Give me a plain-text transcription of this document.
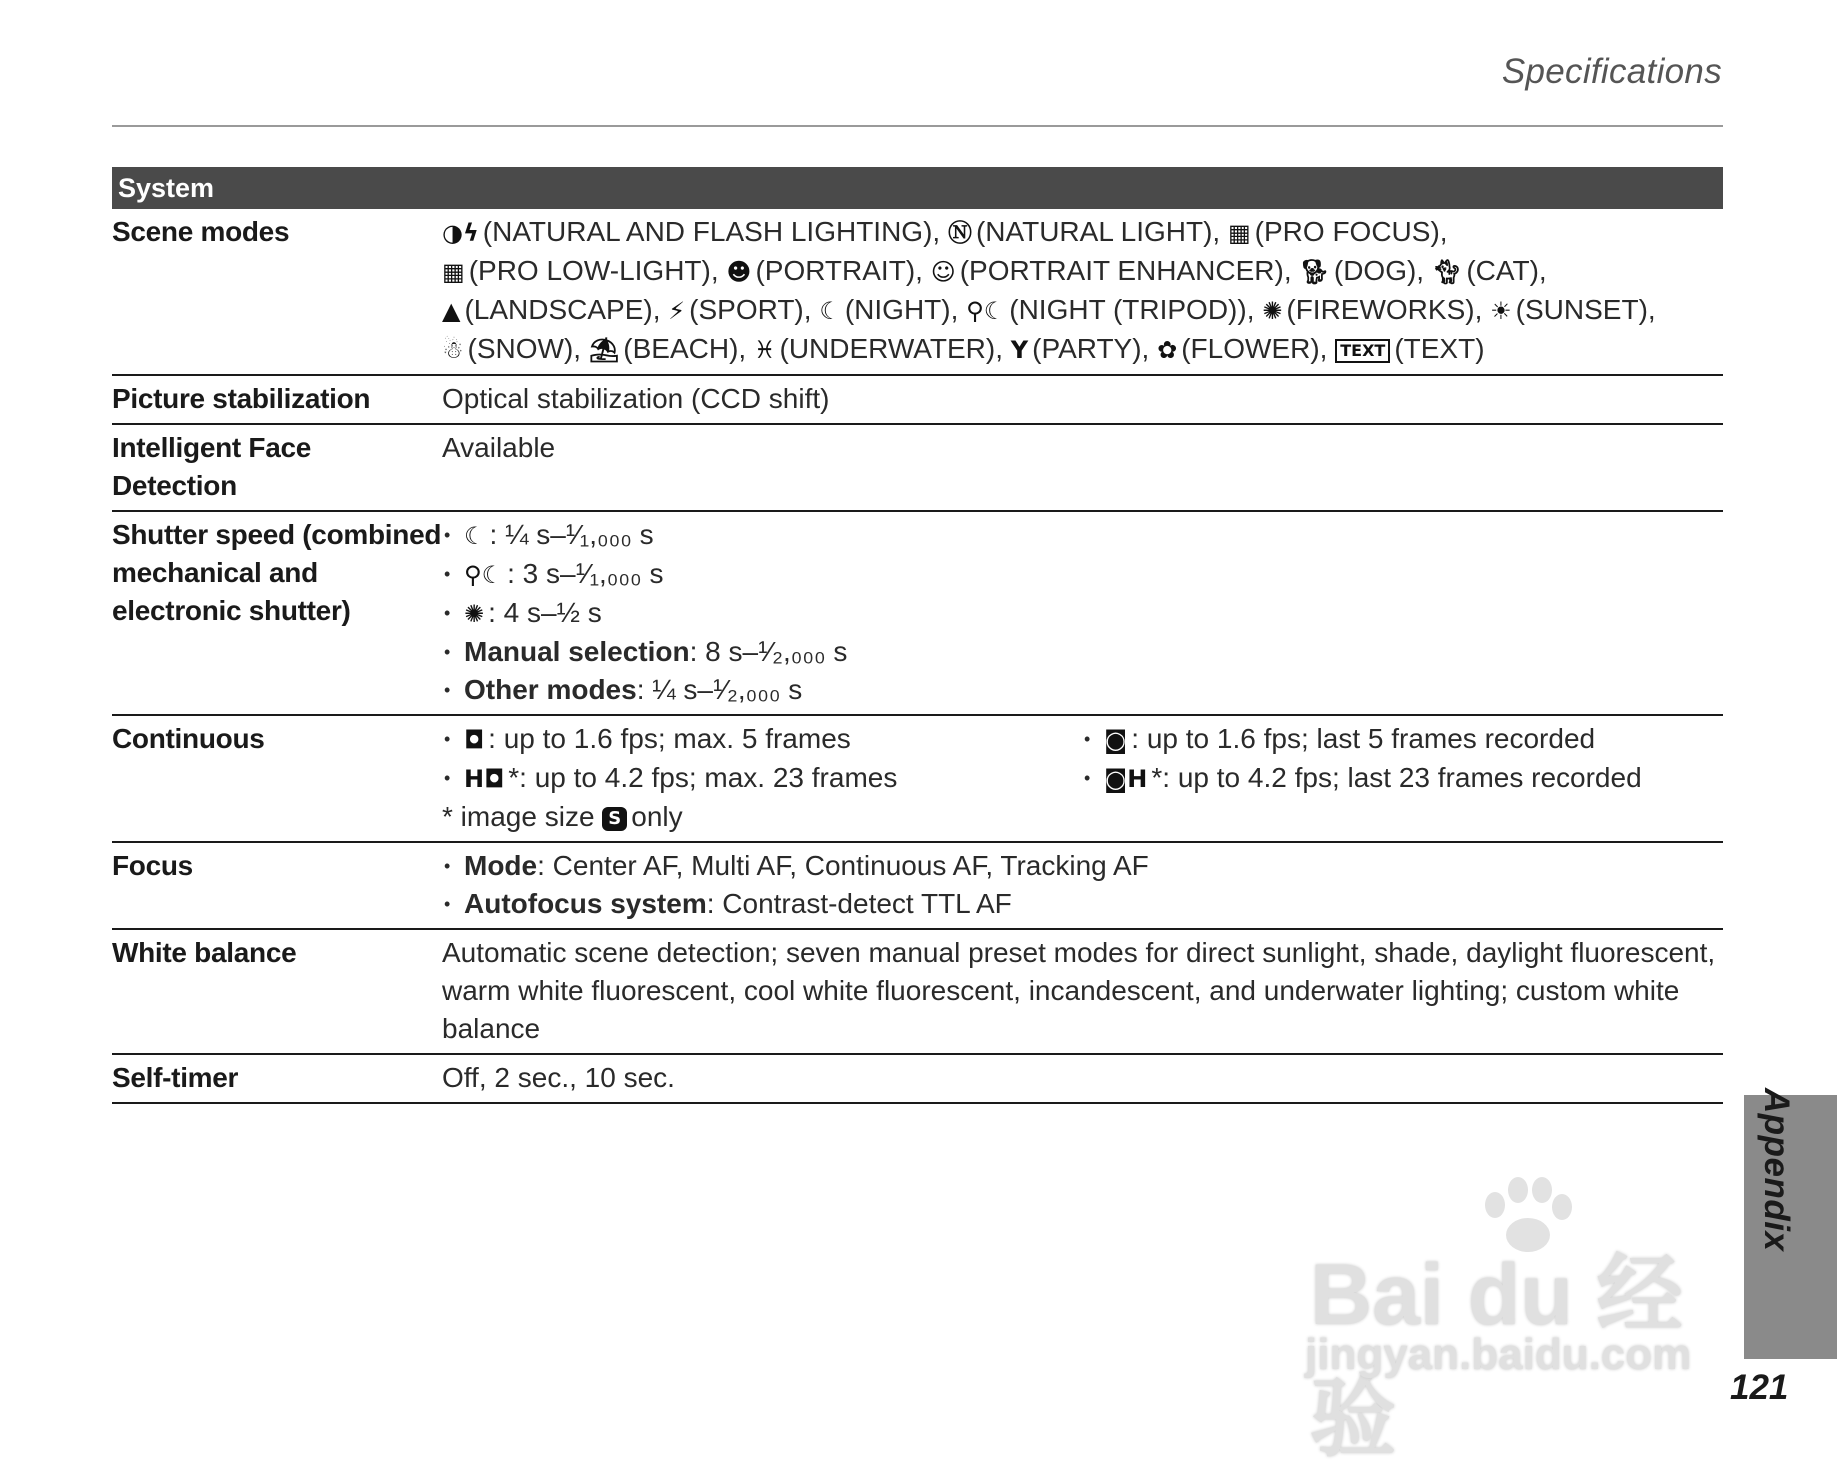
Specifications
System	
Scene modes	◑ϟ (NATURAL AND FLASH LIGHTING), Ⓝ (NATURAL LIGHT), ▦ (PRO FOCUS),
▦ (PRO LOW-LIGHT), ☻ (PORTRAIT), ☺ (PORTRAIT ENHANCER), 🐕︎ (DOG), 🐈︎ (CAT),
▲ (LANDSCAPE), ⚡︎ (SPORT), ☾ (NIGHT), ⚲☾ (NIGHT (TRIPOD)), ✺ (FIREWORKS), ☀ (SUNSET),
☃ (SNOW), ⛱ (BEACH), ♓︎ (UNDERWATER), Y (PARTY), ✿ (FLOWER), TEXT (TEXT)

Picture stabilization	Optical stabilization (CCD shift)
Intelligent Face Detection	Available
Shutter speed (combined mechanical and electronic shutter)	• ☾ : ¼ s–¹⁄₁,₀₀₀ s
• ⚲☾ : 3 s–¹⁄₁,₀₀₀ s
• ✺ : 4 s–½ s
• Manual selection: 8 s–¹⁄₂,₀₀₀ s
• Other modes: ¼ s–¹⁄₂,₀₀₀ s

Continuous	• ◘ : up to 1.6 fps; max. 5 frames
• H◘ *: up to 4.2 fps; max. 23 frames
• ◙ : up to 1.6 fps; last 5 frames recorded
• ◙H *: up to 4.2 fps; last 23 frames recorded
* image size S only

Focus	• Mode: Center AF, Multi AF, Continuous AF, Tracking AF
• Autofocus system: Contrast-detect TTL AF

White balance	Automatic scene detection; seven manual preset modes for direct sunlight, shade, daylight fluorescent, warm white fluorescent, cool white fluorescent, incandescent, and underwater lighting; custom white balance
Self-timer	Off, 2 sec., 10 sec.
Bai du 经验
jingyan.baidu.com
Appendix
121
